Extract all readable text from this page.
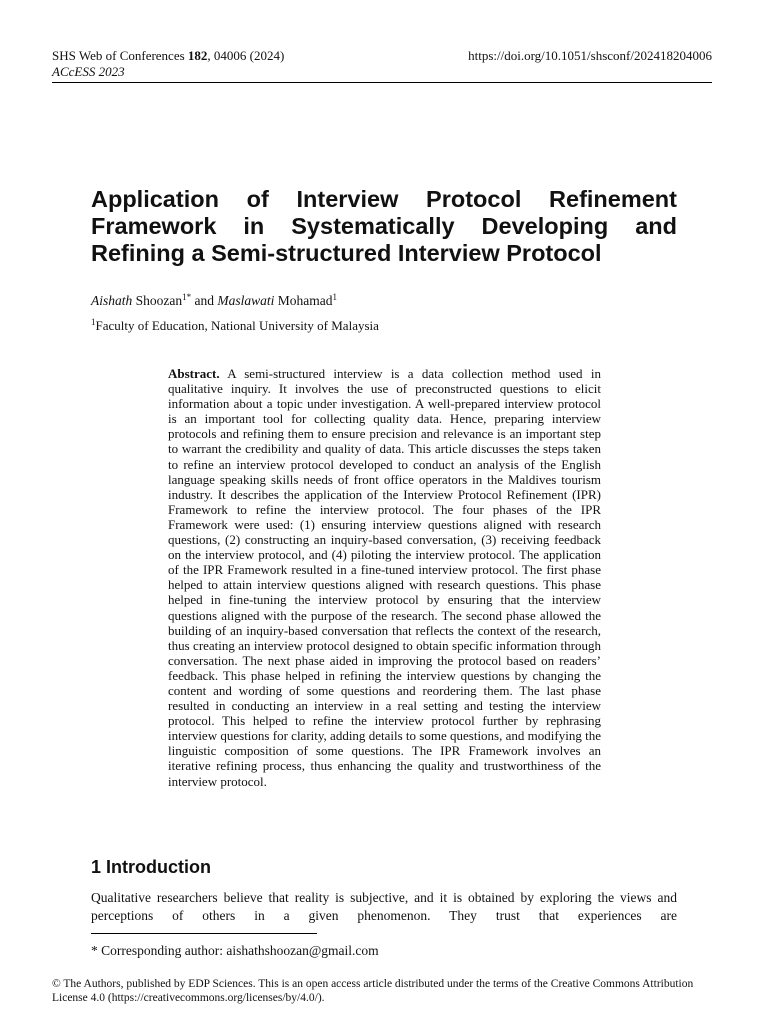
SHS Web of Conferences 182, 04006 (2024)
ACcESS 2023
https://doi.org/10.1051/shsconf/202418204006
Application of Interview Protocol Refinement Framework in Systematically Developing and Refining a Semi-structured Interview Protocol
Aishath Shoozan$^{1*}$ and Maslawati Mohamad$^1$
$^1$Faculty of Education, National University of Malaysia

Abstract. A semi-structured interview is a data collection method used in qualitative inquiry. It involves the use of preconstructed questions to elicit information about a topic under investigation. A well-prepared interview protocol is an important tool for collecting quality data. Hence, preparing interview protocols and refining them to ensure precision and relevance is an important step to warrant the credibility and quality of data. This article discusses the steps taken to refine an interview protocol developed to conduct an analysis of the English language speaking skills needs of front office operators in the Maldives tourism industry. It describes the application of the Interview Protocol Refinement (IPR) Framework to refine the interview protocol. The four phases of the IPR Framework were used: (1) ensuring interview questions aligned with research questions, (2) constructing an inquiry-based conversation, (3) receiving feedback on the interview protocol, and (4) piloting the interview protocol. The application of the IPR Framework resulted in a fine-tuned interview protocol. The first phase helped to attain interview questions aligned with research questions. This phase helped in fine-tuning the interview protocol by ensuring that the interview questions aligned with the purpose of the research. The second phase allowed the building of an inquiry-based conversation that reflects the context of the research, thus creating an interview protocol designed to obtain specific information through conversation. The next phase aided in improving the protocol based on readers’ feedback. This phase helped in refining the interview questions by changing the content and wording of some questions and reordering them. The last phase resulted in conducting an interview in a real setting and testing the interview protocol. This helped to refine the interview protocol further by rephrasing interview questions for clarity, adding details to some questions, and modifying the linguistic composition of some questions. The IPR Framework involves an iterative refining process, thus enhancing the quality and trustworthiness of the interview protocol.

1 Introduction

Qualitative researchers believe that reality is subjective, and it is obtained by exploring the views and perceptions of others in a given phenomenon. They trust that experiences are

* Corresponding author: aishathshoozan@gmail.com
© The Authors, published by EDP Sciences. This is an open access article distributed under the terms of the Creative Commons Attribution License 4.0 (https://creativecommons.org/licenses/by/4.0/).
